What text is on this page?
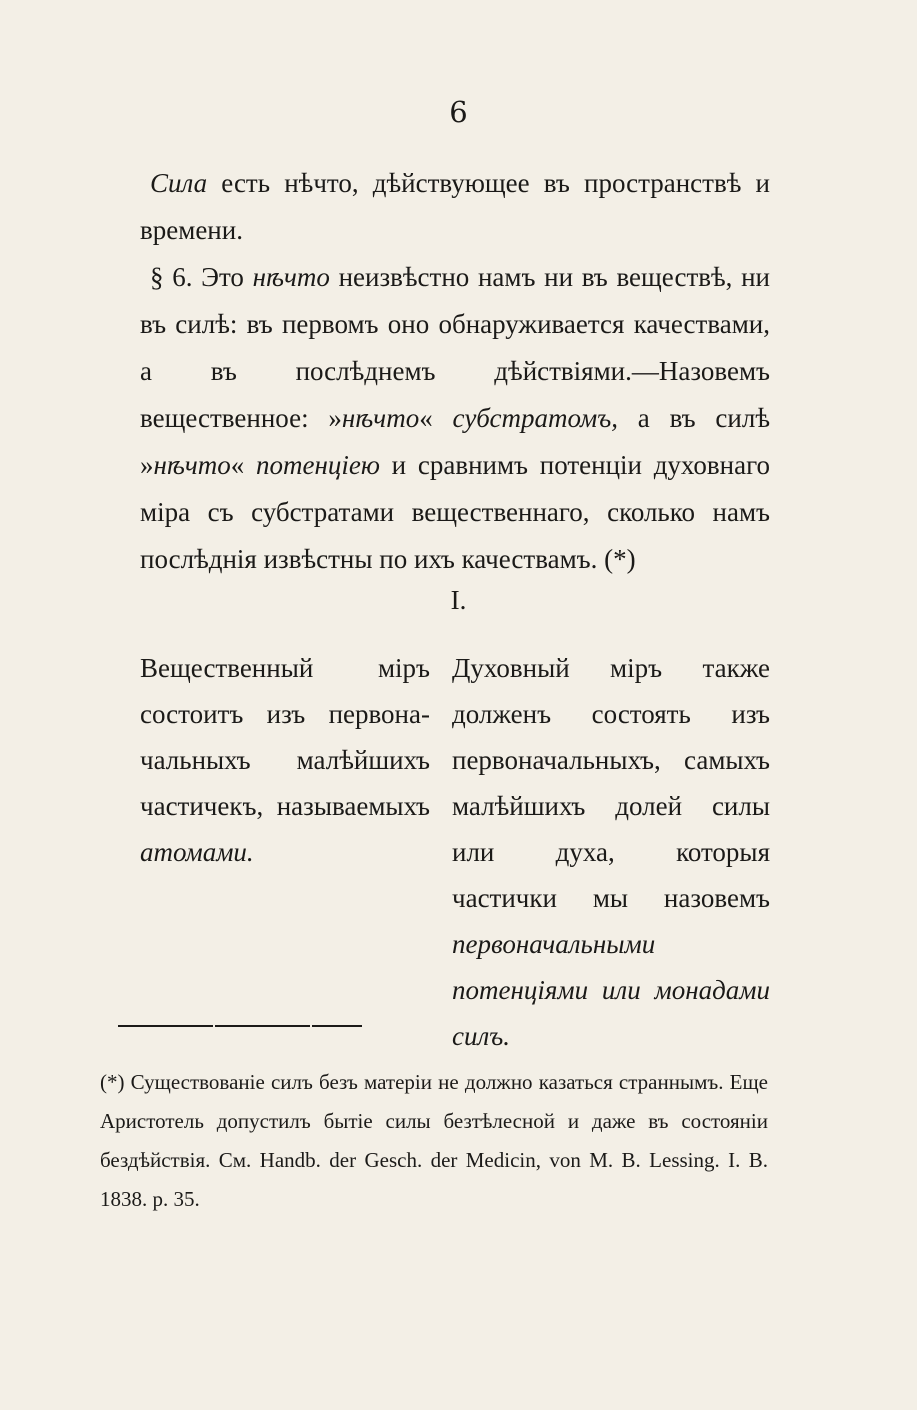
6

Сила есть нѣчто, дѣйствующее въ пространствѣ и времени.

§ 6. Это нѣчто неизвѣстно намъ ни въ веществѣ, ни въ силѣ: въ первомъ оно обнаруживается качествами, а въ послѣднемъ дѣйствіями.—Назовемъ вещественное: »нѣчто« субстратомъ, а въ силѣ »нѣчто« потенціею и сравнимъ потенціи духовнаго міра съ субстратами вещественнаго, сколько намъ послѣднія извѣстны по ихъ качествамъ. (*)

I.
Вещественный міръ состоитъ изъ первоначальныхъ малѣйшихъ частичекъ, называемыхъ атомами.
Духовный міръ также долженъ состоять изъ первоначальныхъ, самыхъ малѣйшихъ долей силы или духа, которыя частички мы назовемъ первоначальными потенціями или монадами силъ.
(*) Существованіе силъ безъ матеріи не должно казаться страннымъ. Еще Аристотель допустилъ бытіе силы безтѣлесной и даже въ состояніи бездѣйствія. См. Handb. der Gesch. der Medicin, von M. B. Lessing. I. B. 1838. p. 35.
